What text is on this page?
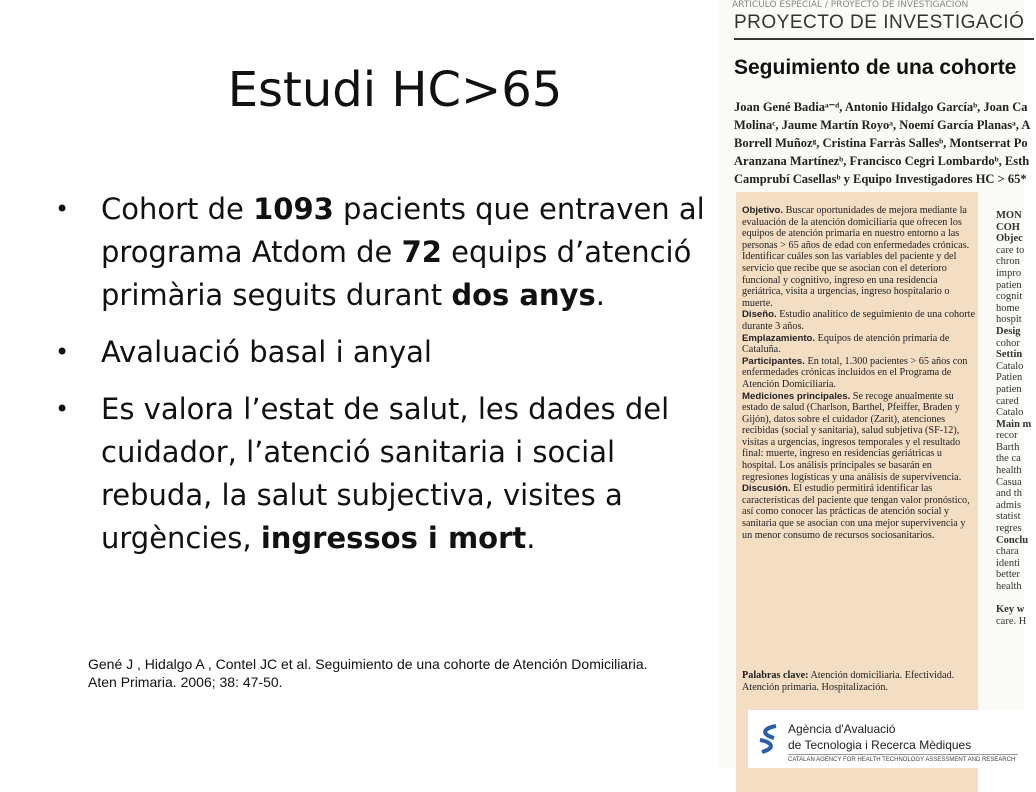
Estudi HC>65
• Cohort de 1093 pacients que entraven al programa Atdom de 72 equips d’atenció primària seguits durant dos anys.
• Avaluació basal i anyal
• Es valora l’estat de salut, les dades del cuidador, l’atenció sanitaria i social rebuda, la salut subjectiva, visites a urgències, ingressos i mort.
Gené J , Hidalgo A , Contel JC et al. Seguimiento de una cohorte de Atención Domiciliaria. Aten Primaria. 2006; 38: 47-50.
ARTÍCULO ESPECIAL / PROYECTO DE INVESTIGACIÓN
PROYECTO DE INVESTIGACIÓ
Seguimiento de una cohorte
Joan Gené Badiaᵃ⁻ᵈ, Antonio Hidalgo Garcíaᵇ, Joan Ca
Molinaᶜ, Jaume Martín Royoᵃ, Noemí García Planasᵃ, A
Borrell Muñozᵍ, Cristina Farràs Sallesᵇ, Montserrat Po
Aranzana Martínezᵇ, Francisco Cegri Lombardoᵇ, Esth
Camprubí Casellasᵇ y Equipo Investigadores HC > 65*
Objetivo. Buscar oportunidades de mejora mediante la evaluación de la atención domiciliaria que ofrecen los equipos de atención primaria en nuestro entorno a las personas > 65 años de edad con enfermedades crónicas. Identificar cuáles son las variables del paciente y del servicio que recibe que se asocian con el deterioro funcional y cognitivo, ingreso en una residencia geriátrica, visita a urgencias, ingreso hospitalario o muerte.
Diseño. Estudio analítico de seguimiento de una cohorte durante 3 años.
Emplazamiento. Equipos de atención primaria de Cataluña.
Participantes. En total, 1.300 pacientes > 65 años con enfermedades crónicas incluidos en el Programa de Atención Domiciliaria.
Mediciones principales. Se recoge anualmente su estado de salud (Charlson, Barthel, Pfeiffer, Braden y Gijón), datos sobre el cuidador (Zarit), atenciones recibidas (social y sanitaria), salud subjetiva (SF-12), visitas a urgencias, ingresos temporales y el resultado final: muerte, ingreso en residencias geriátricas u hospital. Los análisis principales se basarán en regresiones logísticas y una análisis de supervivencia.
Discusión. El estudio permitirá identificar las características del paciente que tengan valor pronóstico, así como conocer las prácticas de atención social y sanitaria que se asocian con una mejor supervivencia y un menor consumo de recursos sociosanitarios.
Palabras clave: Atención domiciliaria. Efectividad. Atención primaria. Hospitalización.
MON
COH
Objec
care to
chron
impro
patien
cognit
home
hospit
Desig
cohor
Settin
Catalo
Patien
patien
cared
Catalo
Main m
recor
Barth
the ca
health
Casua
and th
admis
statist
regres
Conclu
chara
identi
better
health

Key w
care. H
Agència d'Avaluació
de Tecnologia i Recerca Mèdiques
CATALAN AGENCY FOR HEALTH TECHNOLOGY ASSESSMENT AND RESEARCH
